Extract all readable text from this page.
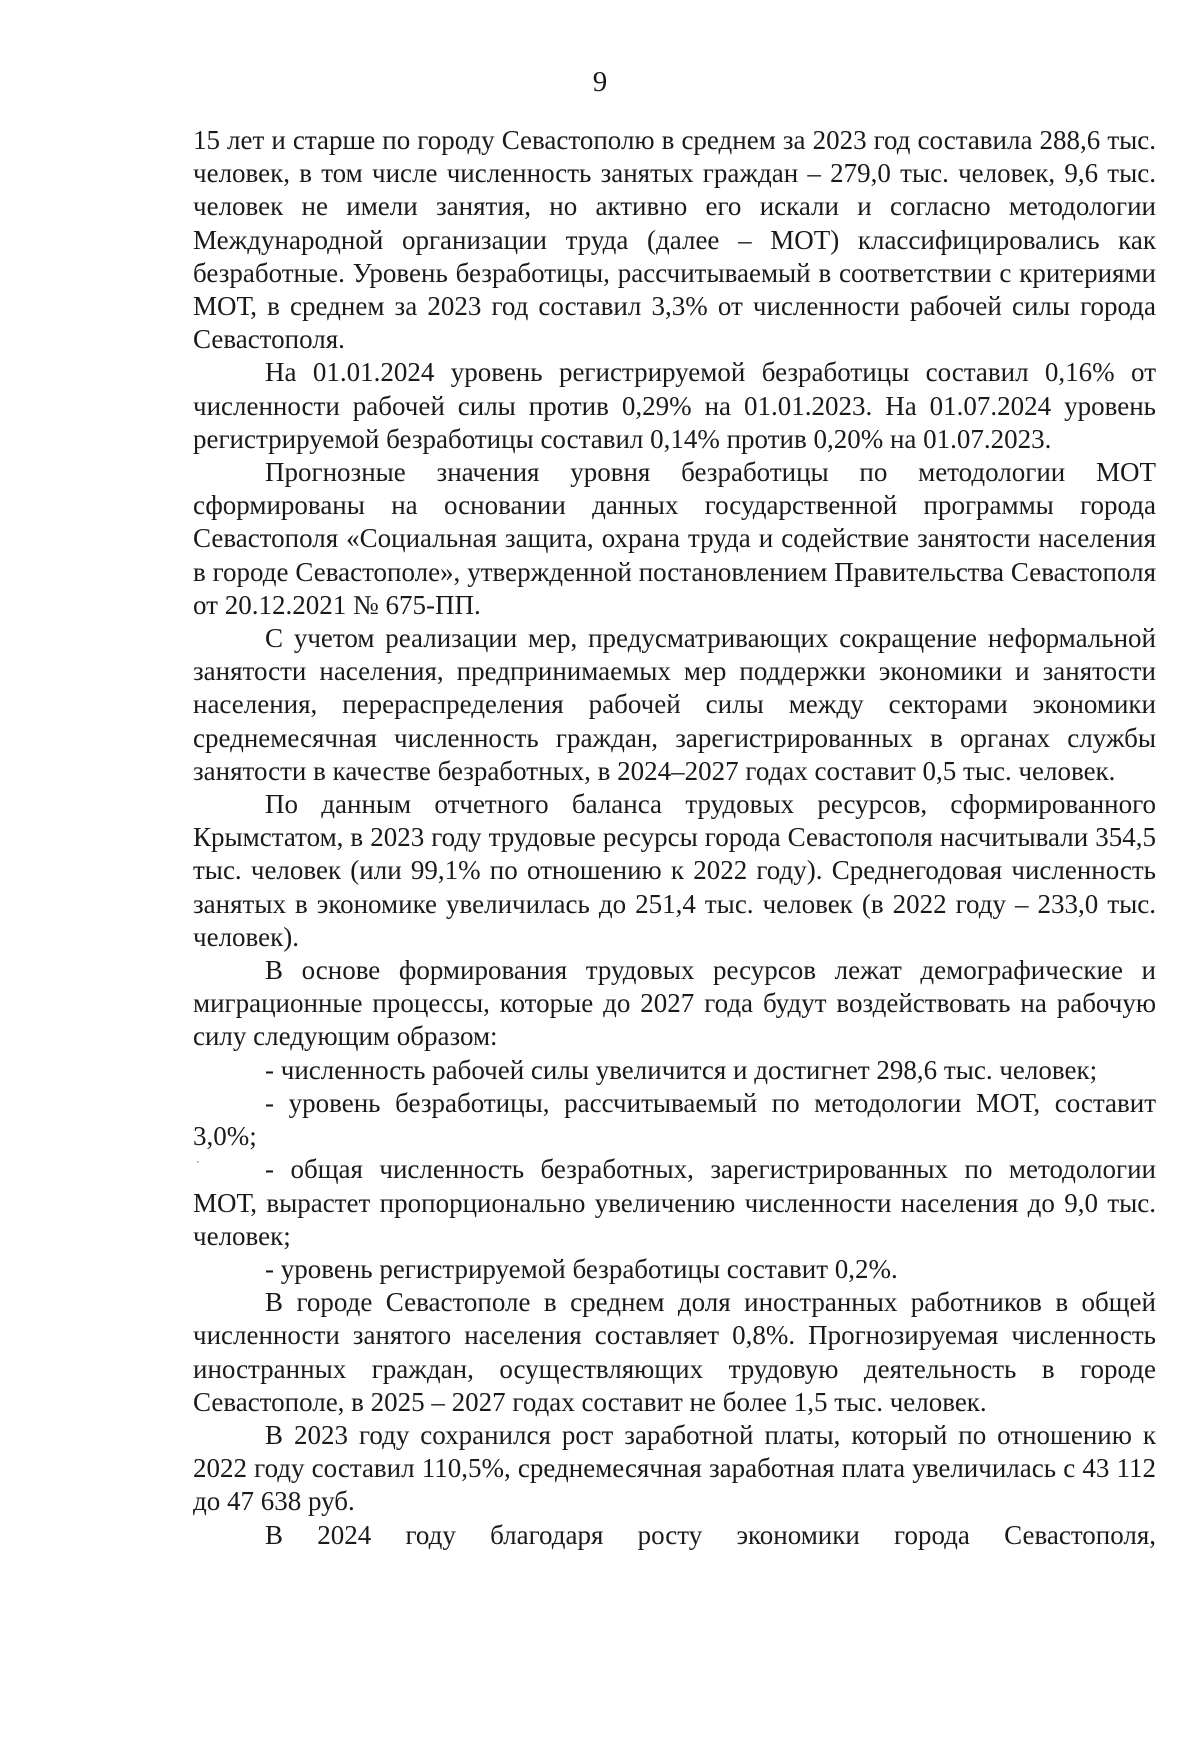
9

15 лет и старше по городу Севастополю в среднем за 2023 год составила 288,6 тыс. человек, в том числе численность занятых граждан – 279,0 тыс. человек, 9,6 тыс. человек не имели занятия, но активно его искали и согласно методологии Международной организации труда (далее – МОТ) классифицировались как безработные. Уровень безработицы, рассчитываемый в соответствии с критериями МОТ, в среднем за 2023 год составил 3,3% от численности рабочей силы города Севастополя.

На 01.01.2024 уровень регистрируемой безработицы составил 0,16% от численности рабочей силы против 0,29% на 01.01.2023. На 01.07.2024 уровень регистрируемой безработицы составил 0,14% против 0,20% на 01.07.2023.

Прогнозные значения уровня безработицы по методологии МОТ сформированы на основании данных государственной программы города Севастополя «Социальная защита, охрана труда и содействие занятости населения в городе Севастополе», утвержденной постановлением Правительства Севастополя от 20.12.2021 № 675-ПП.

С учетом реализации мер, предусматривающих сокращение неформальной занятости населения, предпринимаемых мер поддержки экономики и занятости населения, перераспределения рабочей силы между секторами экономики среднемесячная численность граждан, зарегистрированных в органах службы занятости в качестве безработных, в 2024–2027 годах составит 0,5 тыс. человек.

По данным отчетного баланса трудовых ресурсов, сформированного Крымстатом, в 2023 году трудовые ресурсы города Севастополя насчитывали 354,5 тыс. человек (или 99,1% по отношению к 2022 году). Среднегодовая численность занятых в экономике увеличилась до 251,4 тыс. человек (в 2022 году – 233,0 тыс. человек).

В основе формирования трудовых ресурсов лежат демографические и миграционные процессы, которые до 2027 года будут воздействовать на рабочую силу следующим образом:

- численность рабочей силы увеличится и достигнет 298,6 тыс. человек;

- уровень безработицы, рассчитываемый по методологии МОТ, составит 3,0%;

- общая численность безработных, зарегистрированных по методологии МОТ, вырастет пропорционально увеличению численности населения до 9,0 тыс. человек;

- уровень регистрируемой безработицы составит 0,2%.

В городе Севастополе в среднем доля иностранных работников в общей численности занятого населения составляет 0,8%. Прогнозируемая численность иностранных граждан, осуществляющих трудовую деятельность в городе Севастополе, в 2025 – 2027 годах составит не более 1,5 тыс. человек.

В 2023 году сохранился рост заработной платы, который по отношению к 2022 году составил 110,5%, среднемесячная заработная плата увеличилась с 43 112 до 47 638 руб.

В 2024 году благодаря росту экономики города Севастополя,
